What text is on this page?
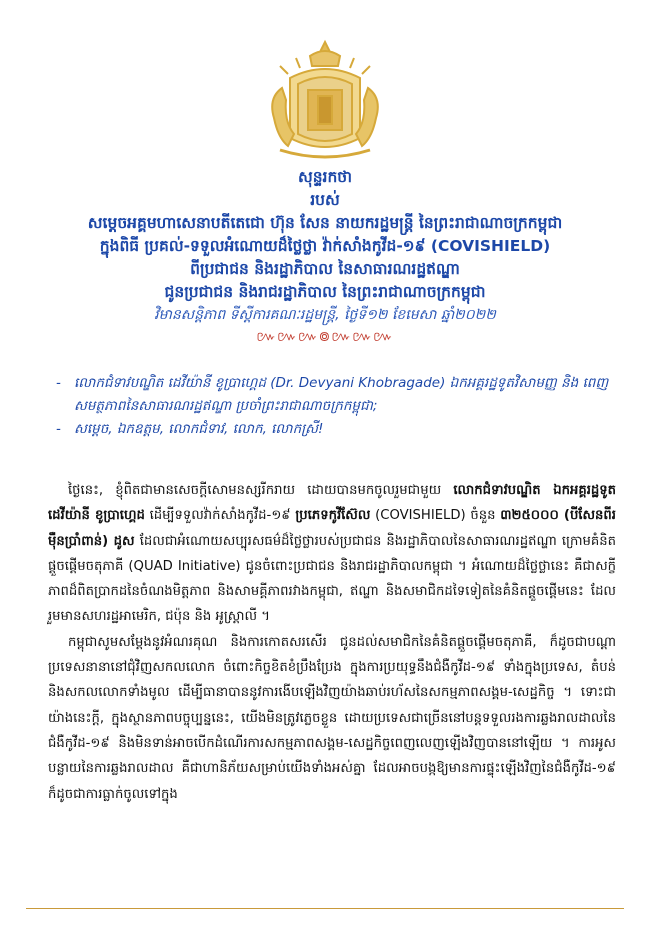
សុន្ទរកថា
របស់
សម្តេចអគ្គមហាសេនាបតីតេជោ ហ៊ុន សែន នាយករដ្ឋមន្ត្រី នៃព្រះរាជាណាចក្រកម្ពុជា
ក្នុងពិធី ប្រគល់-ទទួលអំណោយដ៏ថ្លៃថ្លា វ៉ាក់សាំងកូវីដ-១៩ (COVISHIELD)
ពីប្រជាជន និងរដ្ឋាភិបាល នៃសាធារណរដ្ឋឥណ្ឌា
ជូនប្រជាជន និងរាជរដ្ឋាភិបាល នៃព្រះរាជាណាចក្រកម្ពុជា
វិមានសន្តិភាព ទីស្តីការគណៈរដ្ឋមន្ត្រី, ថ្ងៃទី១២ ខែមេសា ឆ្នាំ២០២២
៚៚៚៙៚៚៚
- លោកជំទាវបណ្ឌិត ដេវីយ៉ានី ខូប្រាហ្គេដ (Dr. Devyani Khobragade) ឯកអគ្គរដ្ឋទូតវិសាមញ្ញ និង ពេញសមត្ថភាពនៃសាធារណរដ្ឋឥណ្ឌា ប្រចាំព្រះរាជាណាចក្រកម្ពុជា;
- សម្តេច, ឯកឧត្តម, លោកជំទាវ, លោក, លោកស្រី!

ថ្ងៃនេះ, ខ្ញុំពិតជាមានសេចក្តីសោមនស្សរីករាយ ដោយបានមកចូលរួមជាមួយ លោកជំទាវបណ្ឌិត ឯកអគ្គរដ្ឋទូត ដេវីយ៉ានី ខូប្រាហ្គេដ ដើម្បីទទួលវ៉ាក់សាំងកូវីដ-១៩ ប្រភេទកូវីស៊ែល (COVISHIELD) ចំនួន ៣២៥០០០ (បីសែនពីរម៉ឺនប្រាំពាន់) ដូស ដែលជាអំណោយសប្បុរសធម៌ដ៏ថ្លៃថ្លារបស់ប្រជាជន និងរដ្ឋាភិបាលនៃសាធារណរដ្ឋឥណ្ឌា ក្រោមគំនិតផ្តួចផ្តើមចតុភាគី (QUAD Initiative) ជូនចំពោះប្រជាជន និងរាជរដ្ឋាភិបាលកម្ពុជា ។ អំណោយដ៏ថ្លៃថ្លានេះ គឺជាសក្ខីភាពដ៏ពិតប្រាកដនៃចំណងមិត្តភាព និងសាមគ្គីភាពរវាងកម្ពុជា, ឥណ្ឌា និងសមាជិកដទៃទៀតនៃគំនិតផ្តួចផ្តើមនេះ ដែលរួមមានសហរដ្ឋអាមេរិក, ជប៉ុន និង អូស្ត្រាលី ។

កម្ពុជាសូមសម្តែងនូវអំណរគុណ និងការកោតសរសើរ ជូនដល់សមាជិកនៃគំនិតផ្តួចផ្តើមចតុភាគី, ក៏ដូចជាបណ្តាប្រទេសនានានៅជុំវិញសកលលោក ចំពោះកិច្ចខិតខំប្រឹងប្រែង ក្នុងការប្រយុទ្ធនឹងជំងឺកូវីដ-១៩ ទាំងក្នុងប្រទេស, តំបន់ និងសកលលោកទាំងមូល ដើម្បីធានាបាននូវការងើបឡើងវិញយ៉ាងឆាប់រហ័សនៃសកម្មភាពសង្គម-សេដ្ឋកិច្ច ។ ទោះជាយ៉ាងនេះក្តី, ក្នុងស្ថានភាពបច្ចុប្បន្ននេះ, យើងមិនត្រូវភ្លេចខ្លួន ដោយប្រទេសជាច្រើននៅបន្តទទួលរងការឆ្លងរាលដាលនៃជំងឺកូវីដ-១៩ និងមិនទាន់អាចបើកដំណើរការសកម្មភាពសង្គម-សេដ្ឋកិច្ចពេញលេញឡើងវិញបាននៅឡើយ ។ ការអូសបន្លាយនៃការឆ្លងរាលដាល គឺជាហានិភ័យសម្រាប់យើងទាំងអស់គ្នា ដែលអាចបង្កឱ្យមានការផ្ទុះឡើងវិញនៃជំងឺកូវីដ-១៩ ក៏ដូចជាការធ្លាក់ចូលទៅក្នុង
